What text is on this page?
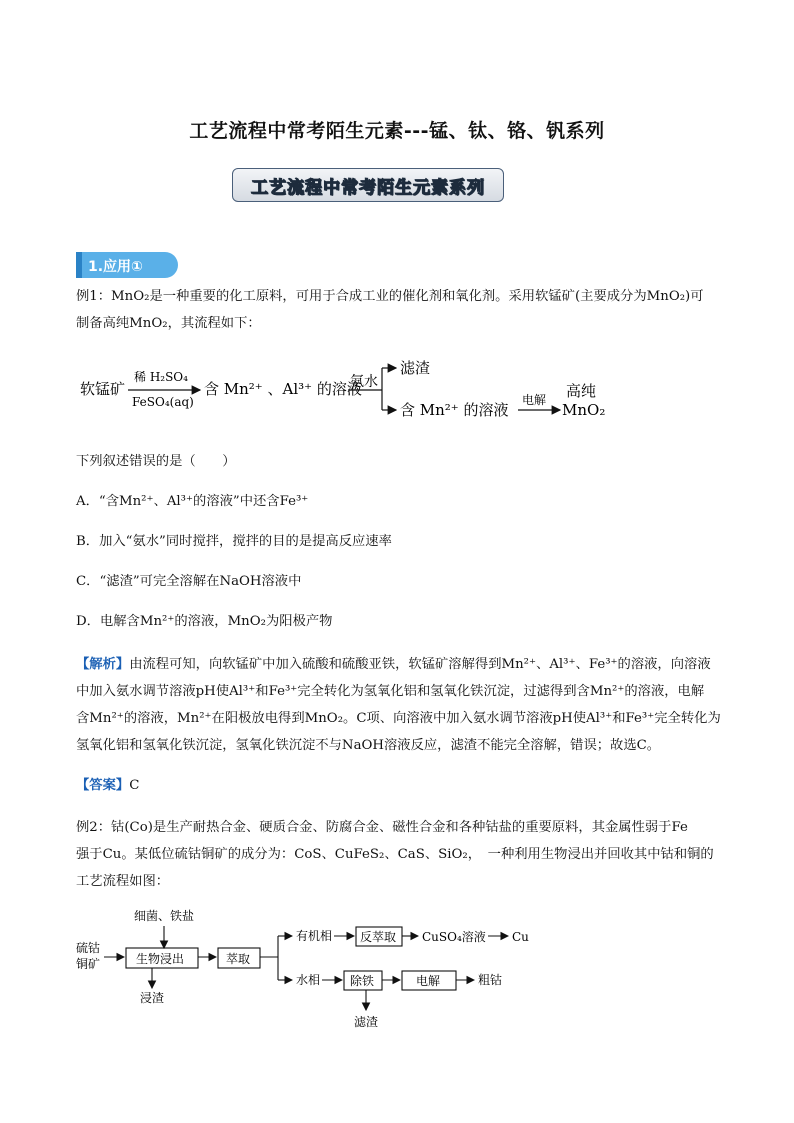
工艺流程中常考陌生元素---锰、钛、铬、钒系列
工艺流程中常考陌生元素系列
1.应用①
例1：MnO₂是一种重要的化工原料，可用于合成工业的催化剂和氧化剂。采用软锰矿(主要成分为MnO₂)可
制备高纯MnO₂，其流程如下：
软锰矿
稀 H₂SO₄
FeSO₄(aq)
含 Mn²⁺ 、Al³⁺ 的溶液
氨水
滤渣
含 Mn²⁺ 的溶液
电解 高纯
MnO₂
下列叙述错误的是（　　）
A．“含Mn²⁺、Al³⁺的溶液”中还含Fe³⁺
B．加入“氨水”同时搅拌，搅拌的目的是提高反应速率
C．“滤渣”可完全溶解在NaOH溶液中
D．电解含Mn²⁺的溶液，MnO₂为阳极产物
【解析】由流程可知，向软锰矿中加入硫酸和硫酸亚铁，软锰矿溶解得到Mn²⁺、Al³⁺、Fe³⁺的溶液，向溶液
中加入氨水调节溶液pH使Al³⁺和Fe³⁺完全转化为氢氧化铝和氢氧化铁沉淀，过滤得到含Mn²⁺的溶液，电解
含Mn²⁺的溶液，Mn²⁺在阳极放电得到MnO₂。C项、向溶液中加入氨水调节溶液pH使Al³⁺和Fe³⁺完全转化为
氢氧化铝和氢氧化铁沉淀，氢氧化铁沉淀不与NaOH溶液反应，滤渣不能完全溶解，错误；故选C。
【答案】C
例2：钴(Co)是生产耐热合金、硬质合金、防腐合金、磁性合金和各种钴盐的重要原料，其金属性弱于Fe
强于Cu。某低位硫钴铜矿的成分为：CoS、CuFeS₂、CaS、SiO₂，　一种利用生物浸出并回收其中钴和铜的
工艺流程如图：
细菌、铁盐
硫钴
铜矿	生物浸出
浸渣
萃取
有机相 反萃取 CuSO₄溶液 Cu
水相 除铁
滤渣
电解	粗钴
